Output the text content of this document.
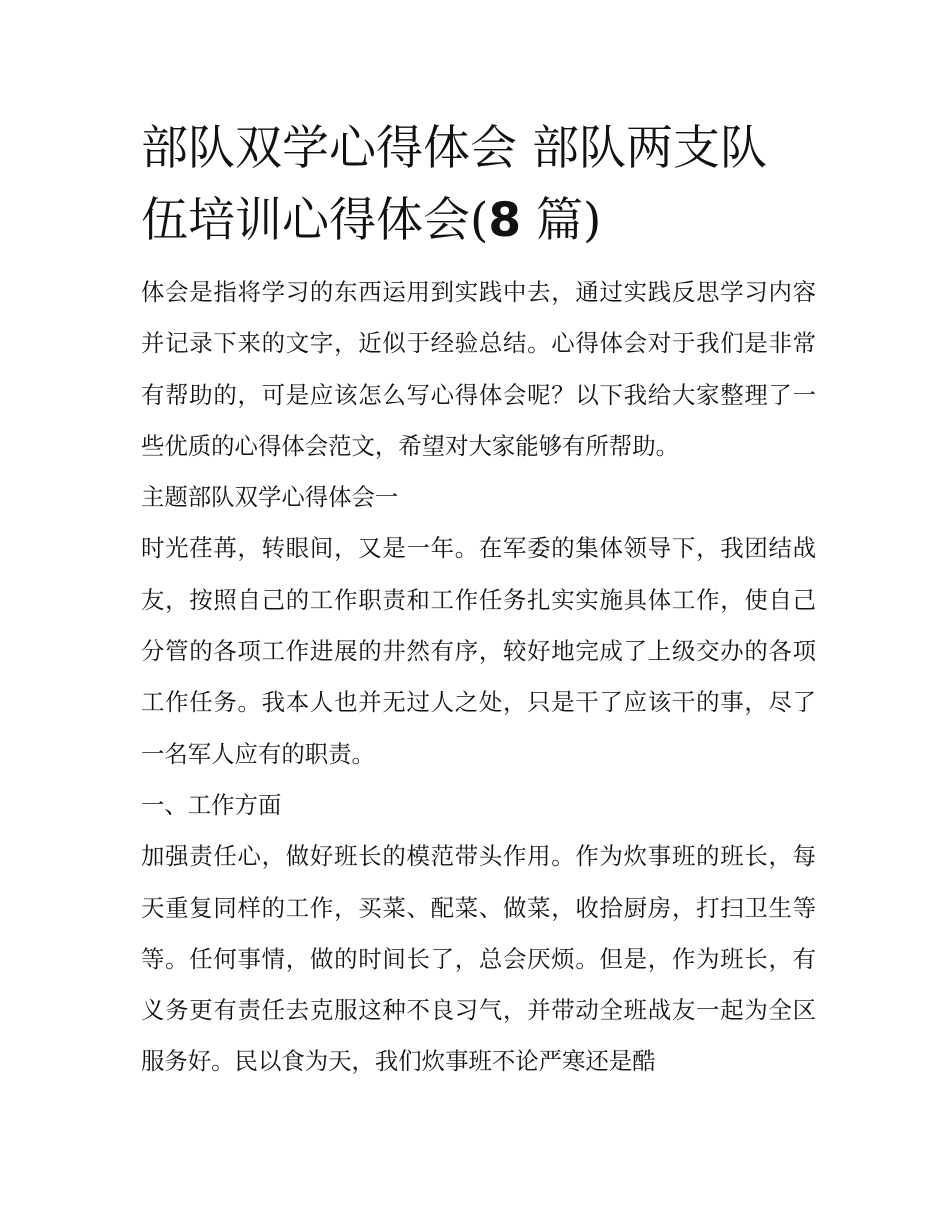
部队双学心得体会 部队两支队
伍培训心得体会(8 篇)

体会是指将学习的东西运用到实践中去，通过实践反思学习内容并记录下来的文字，近似于经验总结。心得体会对于我们是非常有帮助的，可是应该怎么写心得体会呢？以下我给大家整理了一些优质的心得体会范文，希望对大家能够有所帮助。

主题部队双学心得体会一

时光荏苒，转眼间，又是一年。在军委的集体领导下，我团结战友，按照自己的工作职责和工作任务扎实实施具体工作，使自己分管的各项工作进展的井然有序，较好地完成了上级交办的各项工作任务。我本人也并无过人之处，只是干了应该干的事，尽了一名军人应有的职责。

一、工作方面

加强责任心，做好班长的模范带头作用。作为炊事班的班长，每天重复同样的工作，买菜、配菜、做菜，收拾厨房，打扫卫生等等。任何事情，做的时间长了，总会厌烦。但是，作为班长，有义务更有责任去克服这种不良习气，并带动全班战友一起为全区服务好。民以食为天，我们炊事班不论严寒还是酷
